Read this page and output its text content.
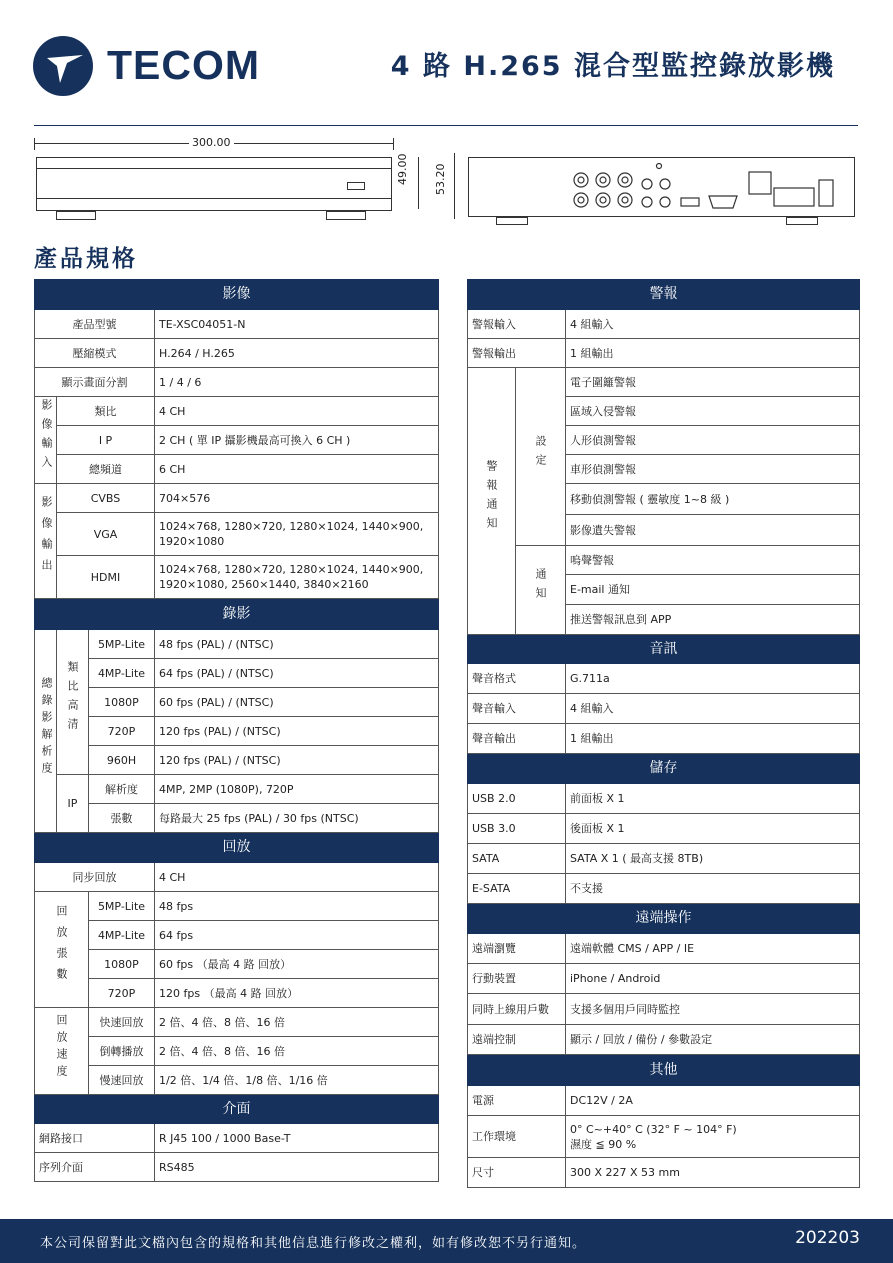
TECOM	4 路 H.265 混合型監控錄放影機
300.00
49.00 53.20
產品規格
影像			
產品型號			TE-XSC04051-N
壓縮模式			H.264 / H.265
顯示畫面分割			1 / 4 / 6
影像輸入	類比		4 CH
	I P		2 CH ( 單 IP 攝影機最高可換入 6 CH )
	總頻道		6 CH
影像輸出	CVBS		704×576
	VGA		1024×768, 1280×720, 1280×1024, 1440×900,
1920×1080

	HDMI		1024×768, 1280×720, 1280×1024, 1440×900,
1920×1080, 2560×1440, 3840×2160

錄影			
總錄影解析度	類比高清	5MP-Lite	48 fps (PAL) / (NTSC)
		4MP-Lite	64 fps (PAL) / (NTSC)
		1080P	60 fps (PAL) / (NTSC)
		720P	120 fps (PAL) / (NTSC)
		960H	120 fps (PAL) / (NTSC)
	IP	解析度	4MP, 2MP (1080P), 720P
		張數	每路最大 25 fps (PAL) / 30 fps (NTSC)
回放			
同步回放			4 CH
回放張數		5MP-Lite	48 fps
		4MP-Lite	64 fps
		1080P	60 fps （最高 4 路 回放）
		720P	120 fps （最高 4 路 回放）
回放速度		快速回放	2 倍、4 倍、8 倍、16 倍
		倒轉播放	2 倍、4 倍、8 倍、16 倍
		慢速回放	1/2 倍、1/4 倍、1/8 倍、1/16 倍
介面			
網路接口			R J45 100 / 1000 Base-T
序列介面			RS485
警報		
警報輸入		4 組輸入
警報輸出		1 組輸出
警報通知	設定	電子圍籬警報
		區域入侵警報
		人形偵測警報
		車形偵測警報
		移動偵測警報 ( 靈敏度 1~8 級 )
		影像遺失警報
	通知	嗚聲警報
		E-mail 通知
		推送警報訊息到 APP
音訊		
聲音格式		G.711a
聲音輸入		4 組輸入
聲音輸出		1 組輸出
儲存		
USB 2.0		前面板 X 1
USB 3.0		後面板 X 1
SATA		SATA X 1 ( 最高支援 8TB)
E-SATA		不支援
遠端操作		
遠端瀏覽		遠端軟體 CMS / APP / IE
行動裝置		iPhone / Android
同時上線用戶數		支援多個用戶同時監控
遠端控制		顯示 / 回放 / 備份 / 參數設定
其他		
電源		DC12V / 2A
工作環境		0° C~+40° C (32° F ~ 104° F)
濕度 ≦ 90 %

尺寸		300 X 227 X 53 mm
本公司保留對此文檔內包含的規格和其他信息進行修改之權利，如有修改恕不另行通知。	202203
